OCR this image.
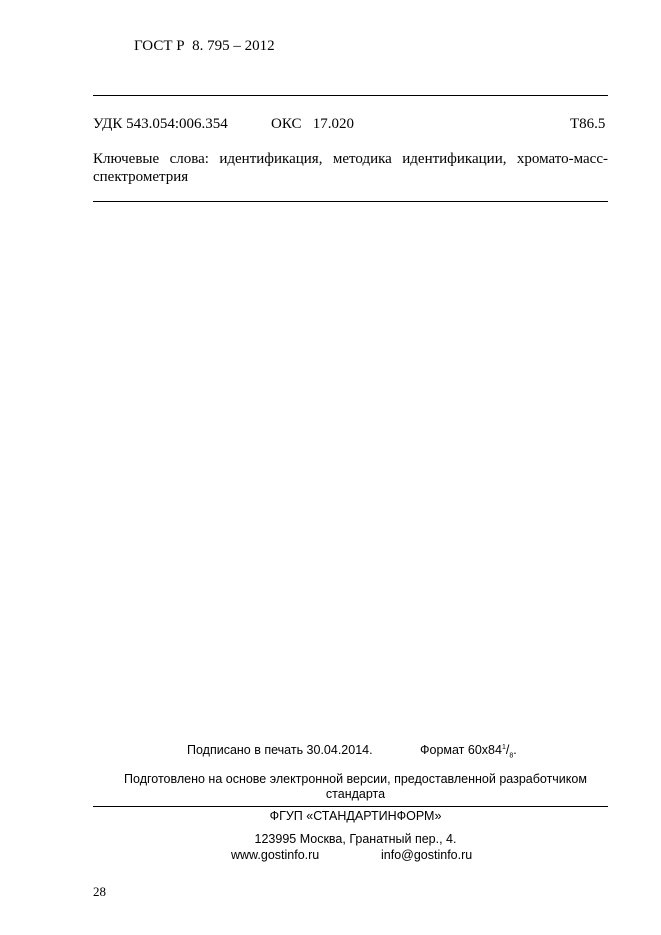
ГОСТ Р  8. 795 – 2012
УДК 543.054:006.354	ОКС   17.020	Т86.5
Ключевые слова: идентификация, методика идентификации, хромато-масс-спектрометрия
Подписано в печать 30.04.2014.	Формат $60x84^1/_8$.
Подготовлено на основе электронной версии, предоставленной разработчиком стандарта
ФГУП «СТАНДАРТИНФОРМ»
123995 Москва, Гранатный пер., 4.
www.gostinfo.ru	info@gostinfo.ru
28
